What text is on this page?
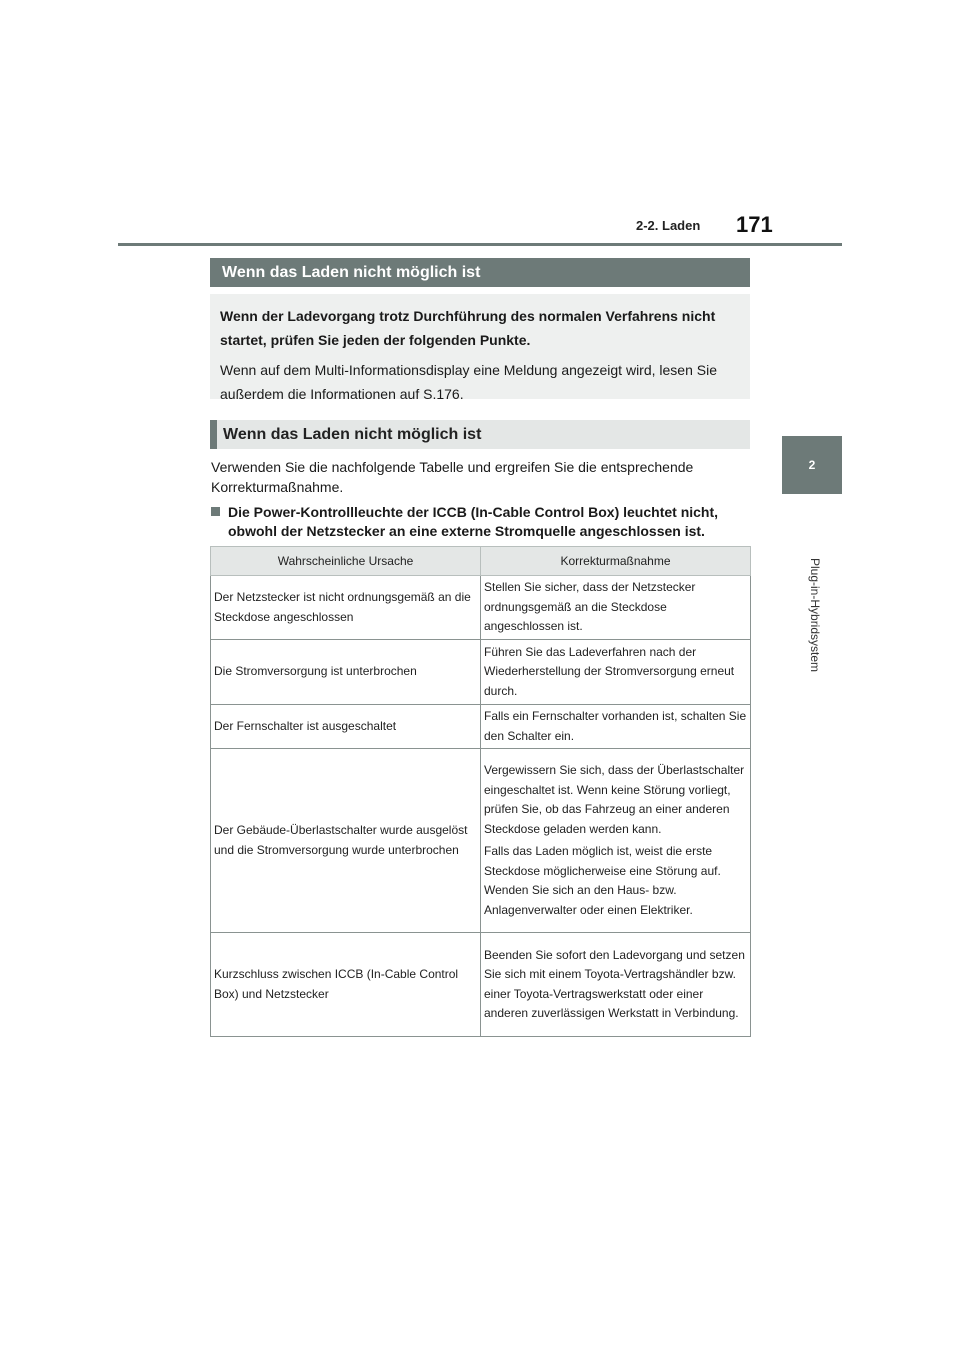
2-2. Laden 171
2
Plug-in-Hybridsystem
Wenn das Laden nicht möglich ist

Wenn der Ladevorgang trotz Durchführung des normalen Verfahrens nicht startet, prüfen Sie jeden der folgenden Punkte.

Wenn auf dem Multi-Informationsdisplay eine Meldung angezeigt wird, lesen Sie außerdem die Informationen auf S.176.

Wenn das Laden nicht möglich ist

Verwenden Sie die nachfolgende Tabelle und ergreifen Sie die entsprechende Korrekturmaßnahme.

Die Power-Kontrollleuchte der ICCB (In-Cable Control Box) leuchtet nicht, obwohl der Netzstecker an eine externe Stromquelle angeschlossen ist.

Wahrscheinliche Ursache	Korrekturmaßnahme
Der Netzstecker ist nicht ordnungsgemäß an die Steckdose angeschlossen	Stellen Sie sicher, dass der Netzstecker ordnungsgemäß an die Steckdose angeschlossen ist.

Die Stromversorgung ist unterbrochen	Führen Sie das Ladeverfahren nach der Wiederherstellung der Stromversorgung erneut durch.

Der Fernschalter ist ausgeschaltet	Falls ein Fernschalter vorhanden ist, schalten Sie den Schalter ein.

Der Gebäude-Überlastschalter wurde ausgelöst und die Stromversorgung wurde unterbrochen	Vergewissern Sie sich, dass der Überlastschalter eingeschaltet ist. Wenn keine Störung vorliegt, prüfen Sie, ob das Fahrzeug an einer anderen Steckdose geladen werden kann.
Falls das Laden möglich ist, weist die erste Steckdose möglicherweise eine Störung auf. Wenden Sie sich an den Haus- bzw. Anlagenverwalter oder einen Elektriker.

Kurzschluss zwischen ICCB (In-Cable Control Box) und Netzstecker	Beenden Sie sofort den Ladevorgang und setzen Sie sich mit einem Toyota-Vertragshändler bzw. einer Toyota-Vertragswerkstatt oder einer anderen zuverlässigen Werkstatt in Verbindung.
